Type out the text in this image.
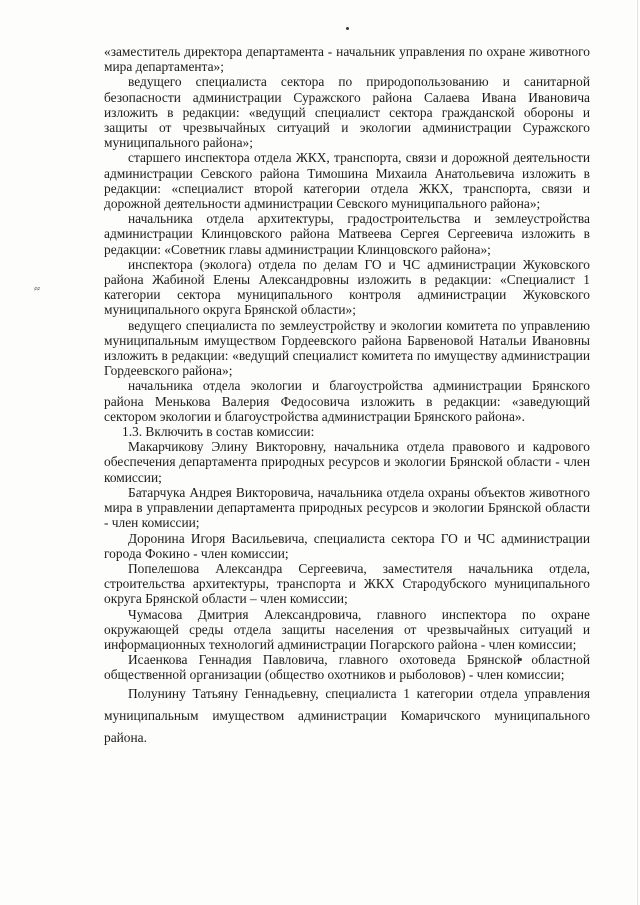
⸗⸗

«заместитель директора департамента - начальник управления по охране животного мира департамента»;

ведущего специалиста сектора по природопользованию и санитарной безопасности администрации Суражского района Салаева Ивана Ивановича изложить в редакции: «ведущий специалист сектора гражданской обороны и защиты от чрезвычайных ситуаций и экологии администрации Суражского муниципального района»;

старшего инспектора отдела ЖКХ, транспорта, связи и дорожной деятельности администрации Севского района Тимошина Михаила Анатольевича изложить в редакции: «специалист второй категории отдела ЖКХ, транспорта, связи и дорожной деятельности администрации Севского муниципального района»;

начальника отдела архитектуры, градостроительства и землеустройства администрации Клинцовского района Матвеева Сергея Сергеевича изложить в редакции: «Советник главы администрации Клинцовского района»;

инспектора (эколога) отдела по делам ГО и ЧС администрации Жуковского района Жабиной Елены Александровны изложить в редакции: «Специалист 1 категории сектора муниципального контроля администрации Жуковского муниципального округа Брянской области»;

ведущего специалиста по землеустройству и экологии комитета по управлению муниципальным имуществом Гордеевского района Барвеновой Натальи Ивановны изложить в редакции: «ведущий специалист комитета по имуществу администрации Гордеевского района»;

начальника отдела экологии и благоустройства администрации Брянского района Менькова Валерия Федосовича изложить в редакции: «заведующий сектором экологии и благоустройства администрации Брянского района».

1.3. Включить в состав комиссии:

Макарчикову Элину Викторовну, начальника отдела правового и кадрового обеспечения департамента природных ресурсов и экологии Брянской области - член комиссии;

Батарчука Андрея Викторовича, начальника отдела охраны объектов животного мира в управлении департамента природных ресурсов и экологии Брянской области - член комиссии;

Доронина Игоря Васильевича, специалиста сектора ГО и ЧС администрации города Фокино - член комиссии;

Попелешова Александра Сергеевича, заместителя начальника отдела, строительства архитектуры, транспорта и ЖКХ Стародубского муниципального округа Брянской области – член комиссии;

Чумасова Дмитрия Александровича, главного инспектора по охране окружающей среды отдела защиты населения от чрезвычайных ситуаций и информационных технологий администрации Погарского района - член комиссии;

Исаенкова Геннадия Павловича, главного охотоведа Брянской областной общественной организации (общество охотников и рыболовов) - член комиссии;

Полунину Татьяну Геннадьевну, специалиста 1 категории отдела управления муниципальным имуществом администрации Комаричского муниципального района.
